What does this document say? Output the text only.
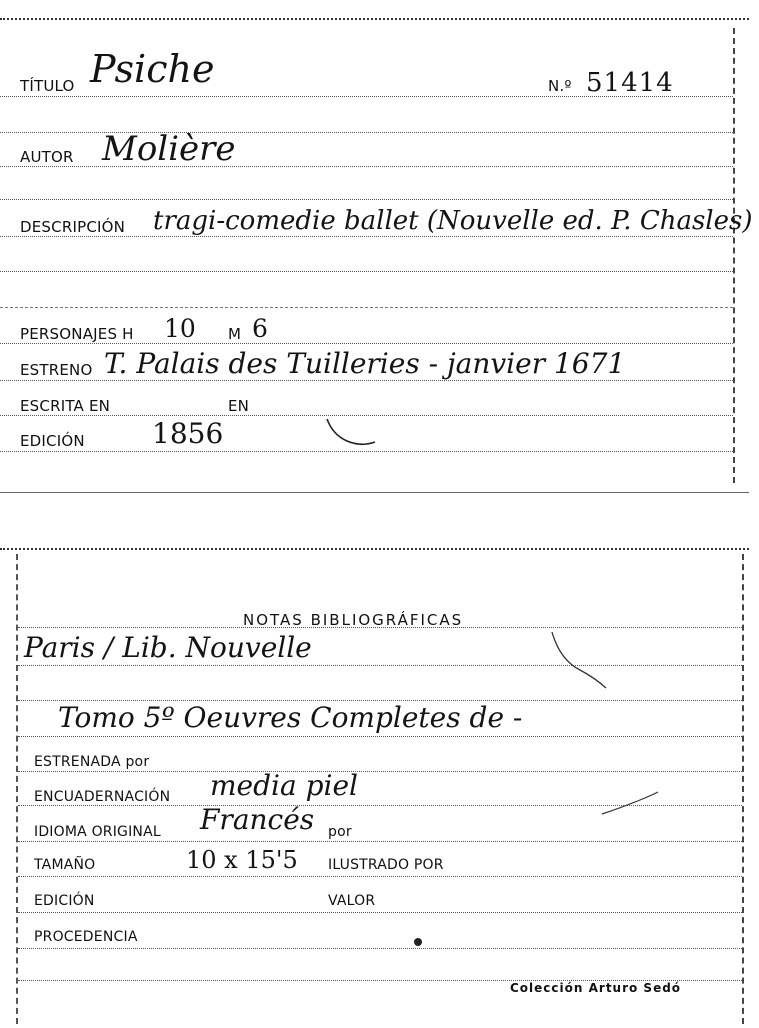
TÍTULO Psiche	N.º 51414
AUTOR Molière
DESCRIPCIÓN tragi-comedie ballet (Nouvelle ed. P. Chasles)
PERSONAJES H 10 M 6
ESTRENO T. Palais des Tuilleries - janvier 1671
ESCRITA EN	EN
EDICIÓN 1856
NOTAS BIBLIOGRÁFICAS
Paris / Lib. Nouvelle
Tomo 5º Oeuvres Completes de -
ESTRENADA por
ENCUADERNACIÓN media piel
IDIOMA ORIGINAL Francés por
TAMAÑO	10 x 15'5 ILUSTRADO POR
EDICIÓN	VALOR
PROCEDENCIA
Colección Arturo Sedó
